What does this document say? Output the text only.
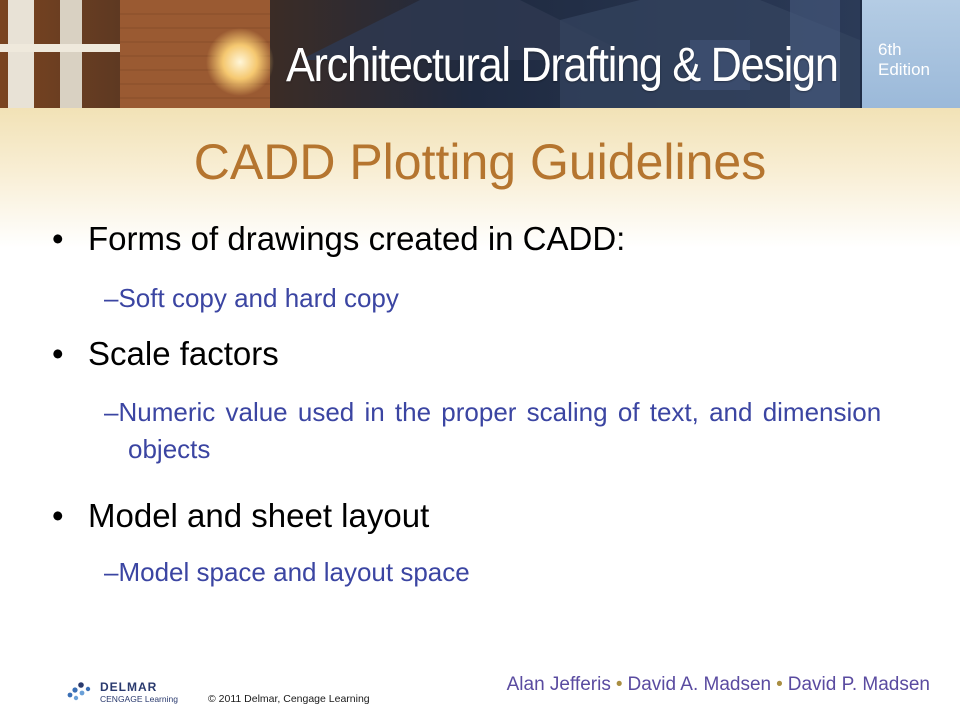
Architectural Drafting & Design 6th
Edition
CADD Plotting Guidelines
• Forms of drawings created in CADD:
–Soft copy and hard copy
• Scale factors
–Numeric value used in the proper scaling of text, and dimension objects
• Model and sheet layout
–Model space and layout space
DELMAR
CENGAGE Learning	© 2011 Delmar, Cengage Learning
Alan Jefferis • David A. Madsen • David P. Madsen
